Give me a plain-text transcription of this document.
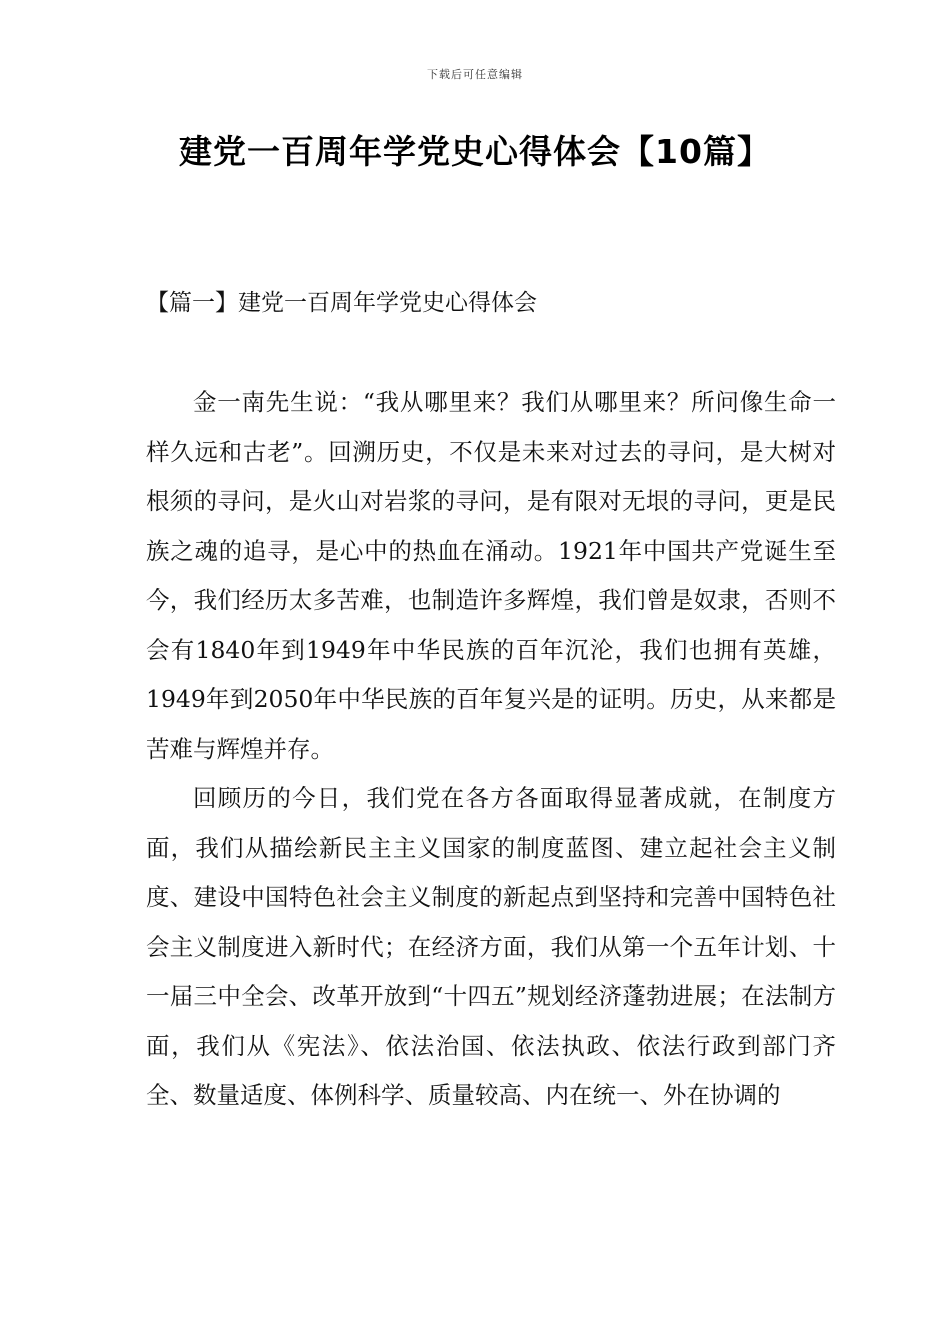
下载后可任意编辑
建党一百周年学党史心得体会【10篇】
【篇一】建党一百周年学党史心得体会

金一南先生说：“我从哪里来？我们从哪里来？所问像生命一样久远和古老”。回溯历史，不仅是未来对过去的寻问，是大树对根须的寻问，是火山对岩浆的寻问，是有限对无垠的寻问，更是民族之魂的追寻，是心中的热血在涌动。1921年中国共产党诞生至今，我们经历太多苦难，也制造许多辉煌，我们曾是奴隶，否则不会有1840年到1949年中华民族的百年沉沦，我们也拥有英雄，1949年到2050年中华民族的百年复兴是的证明。历史，从来都是苦难与辉煌并存。

回顾历的今日，我们党在各方各面取得显著成就，在制度方面，我们从描绘新民主主义国家的制度蓝图、建立起社会主义制度、建设中国特色社会主义制度的新起点到坚持和完善中国特色社会主义制度进入新时代；在经济方面，我们从第一个五年计划、十一届三中全会、改革开放到“十四五”规划经济蓬勃进展；在法制方面，我们从《宪法》、依法治国、依法执政、依法行政到部门齐全、数量适度、体例科学、质量较高、内在统一、外在协调的
